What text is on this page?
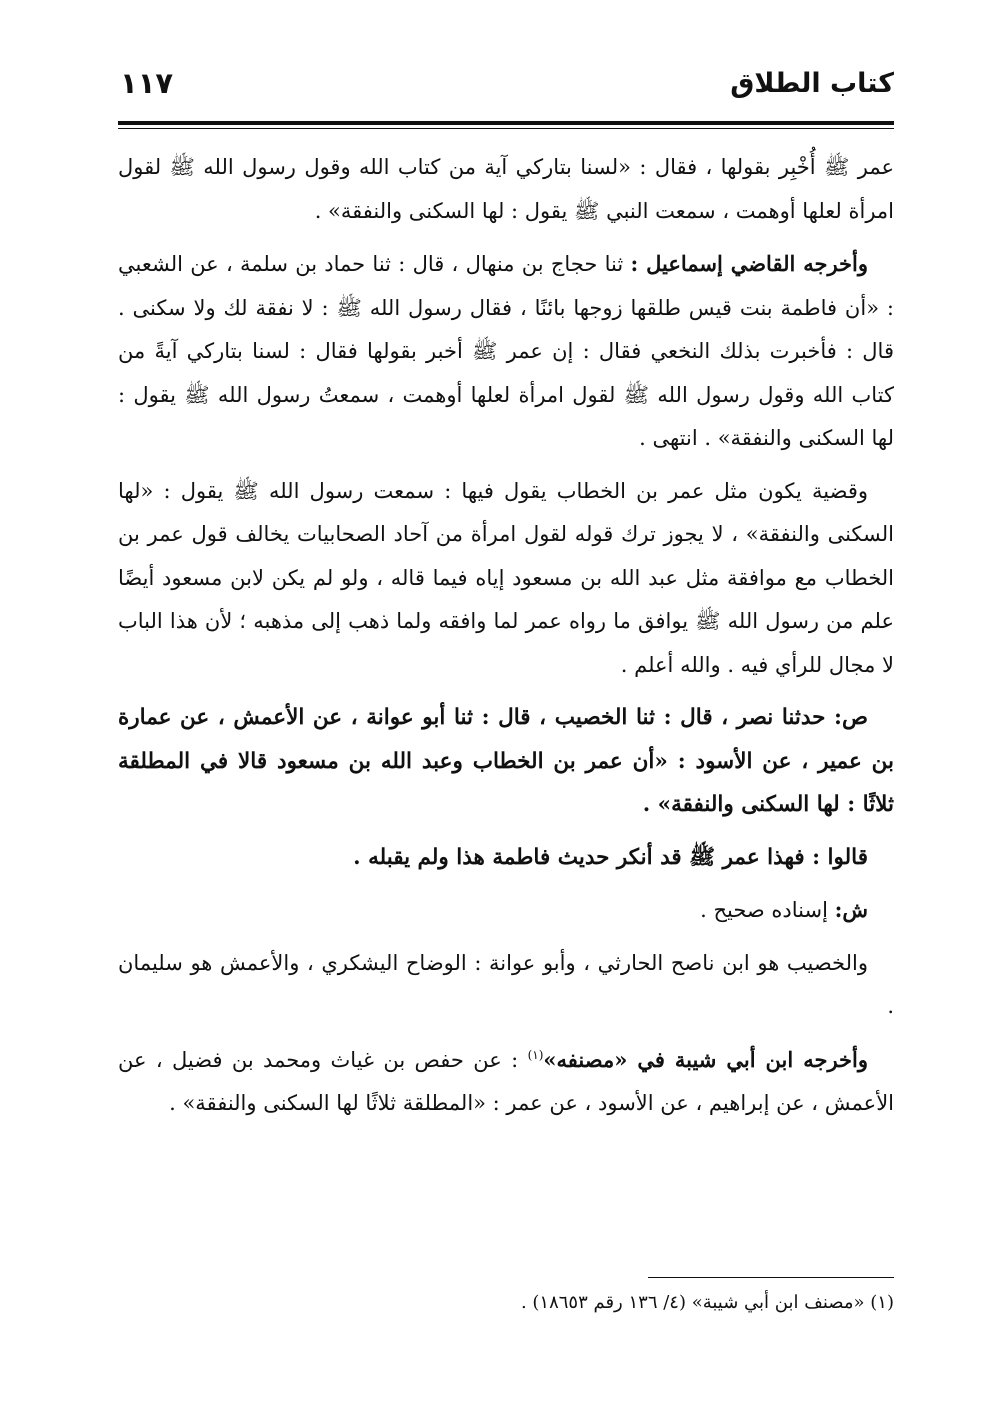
كتاب الطلاق
١١٧

عمر ﷺ أُخْبِر بقولها ، فقال : «لسنا بتاركي آية من كتاب الله وقول رسول الله ﷺ لقول امرأة لعلها أوهمت ، سمعت النبي ﷺ يقول : لها السكنى والنفقة» .

وأخرجه القاضي إسماعيل : ثنا حجاج بن منهال ، قال : ثنا حماد بن سلمة ، عن الشعبي : «أن فاطمة بنت قيس طلقها زوجها بائنًا ، فقال رسول الله ﷺ : لا نفقة لك ولا سكنى . قال : فأخبرت بذلك النخعي فقال : إن عمر ﷺ أخبر بقولها فقال : لسنا بتاركي آيةً من كتاب الله وقول رسول الله ﷺ لقول امرأة لعلها أوهمت ، سمعتُ رسول الله ﷺ يقول : لها السكنى والنفقة» . انتهى .

وقضية يكون مثل عمر بن الخطاب يقول فيها : سمعت رسول الله ﷺ يقول : «لها السكنى والنفقة» ، لا يجوز ترك قوله لقول امرأة من آحاد الصحابيات يخالف قول عمر بن الخطاب مع موافقة مثل عبد الله بن مسعود إياه فيما قاله ، ولو لم يكن لابن مسعود أيضًا علم من رسول الله ﷺ يوافق ما رواه عمر لما وافقه ولما ذهب إلى مذهبه ؛ لأن هذا الباب لا مجال للرأي فيه . والله أعلم .

ص: حدثنا نصر ، قال : ثنا الخصيب ، قال : ثنا أبو عوانة ، عن الأعمش ، عن عمارة بن عمير ، عن الأسود : «أن عمر بن الخطاب وعبد الله بن مسعود قالا في المطلقة ثلاثًا : لها السكنى والنفقة» .

قالوا : فهذا عمر ﷺ قد أنكر حديث فاطمة هذا ولم يقبله .

ش: إسناده صحيح .

والخصيب هو ابن ناصح الحارثي ، وأبو عوانة : الوضاح اليشكري ، والأعمش هو سليمان .

وأخرجه ابن أبي شيبة في «مصنفه»$^{(١)}$ : عن حفص بن غياث ومحمد بن فضيل ، عن الأعمش ، عن إبراهيم ، عن الأسود ، عن عمر : «المطلقة ثلاثًا لها السكنى والنفقة» .

(١) «مصنف ابن أبي شيبة» (٤/ ١٣٦ رقم ١٨٦٥٣) .
